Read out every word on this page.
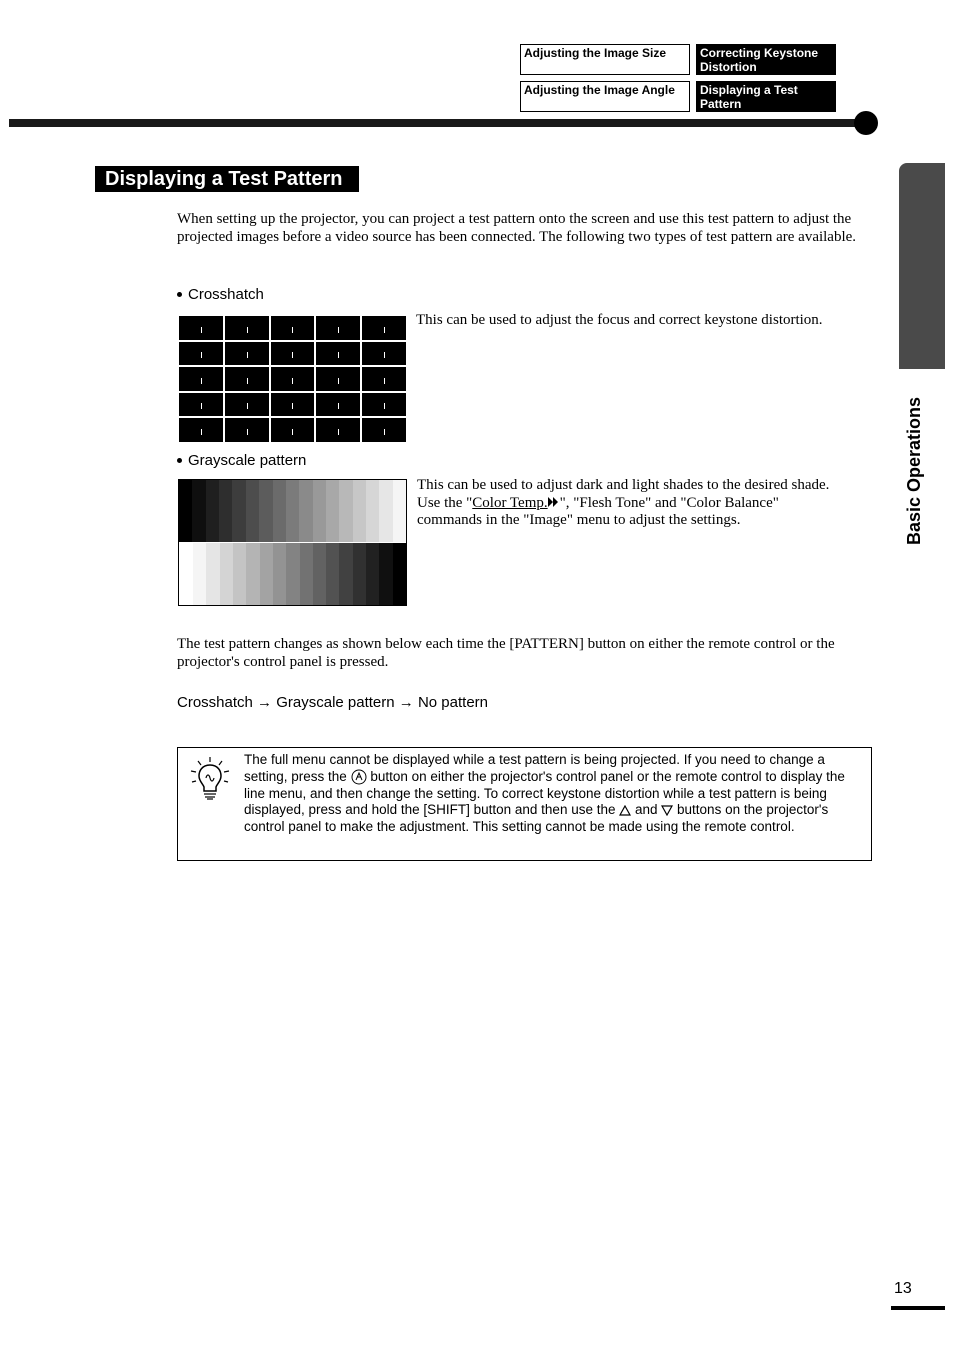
Adjusting the Image Size	Correcting Keystone Distortion
Adjusting the Image Angle	Displaying a Test Pattern
Basic Operations
Displaying a Test Pattern
When setting up the projector, you can project a test pattern onto the screen and use this test pattern to adjust the projected images before a video source has been connected. The following two types of test pattern are available.
Crosshatch
This can be used to adjust the focus and correct keystone distortion.
Grayscale pattern
This can be used to adjust dark and light shades to the desired shade.
Use the "Color Temp. ", "Flesh Tone" and "Color Balance"
commands in the "Image" menu to adjust the settings.
The test pattern changes as shown below each time the [PATTERN] button on either the remote control or the projector's control panel is pressed.
Crosshatch → Grayscale pattern → No pattern
The full menu cannot be displayed while a test pattern is being projected. If you need to change a setting, press the  button on either the projector's control panel or the remote control to display the line menu, and then change the setting. To correct keystone distortion while a test pattern is being displayed, press and hold the [SHIFT] button and then use the  and  buttons on the projector's control panel to make the adjustment. This setting cannot be made using the remote control.
13
